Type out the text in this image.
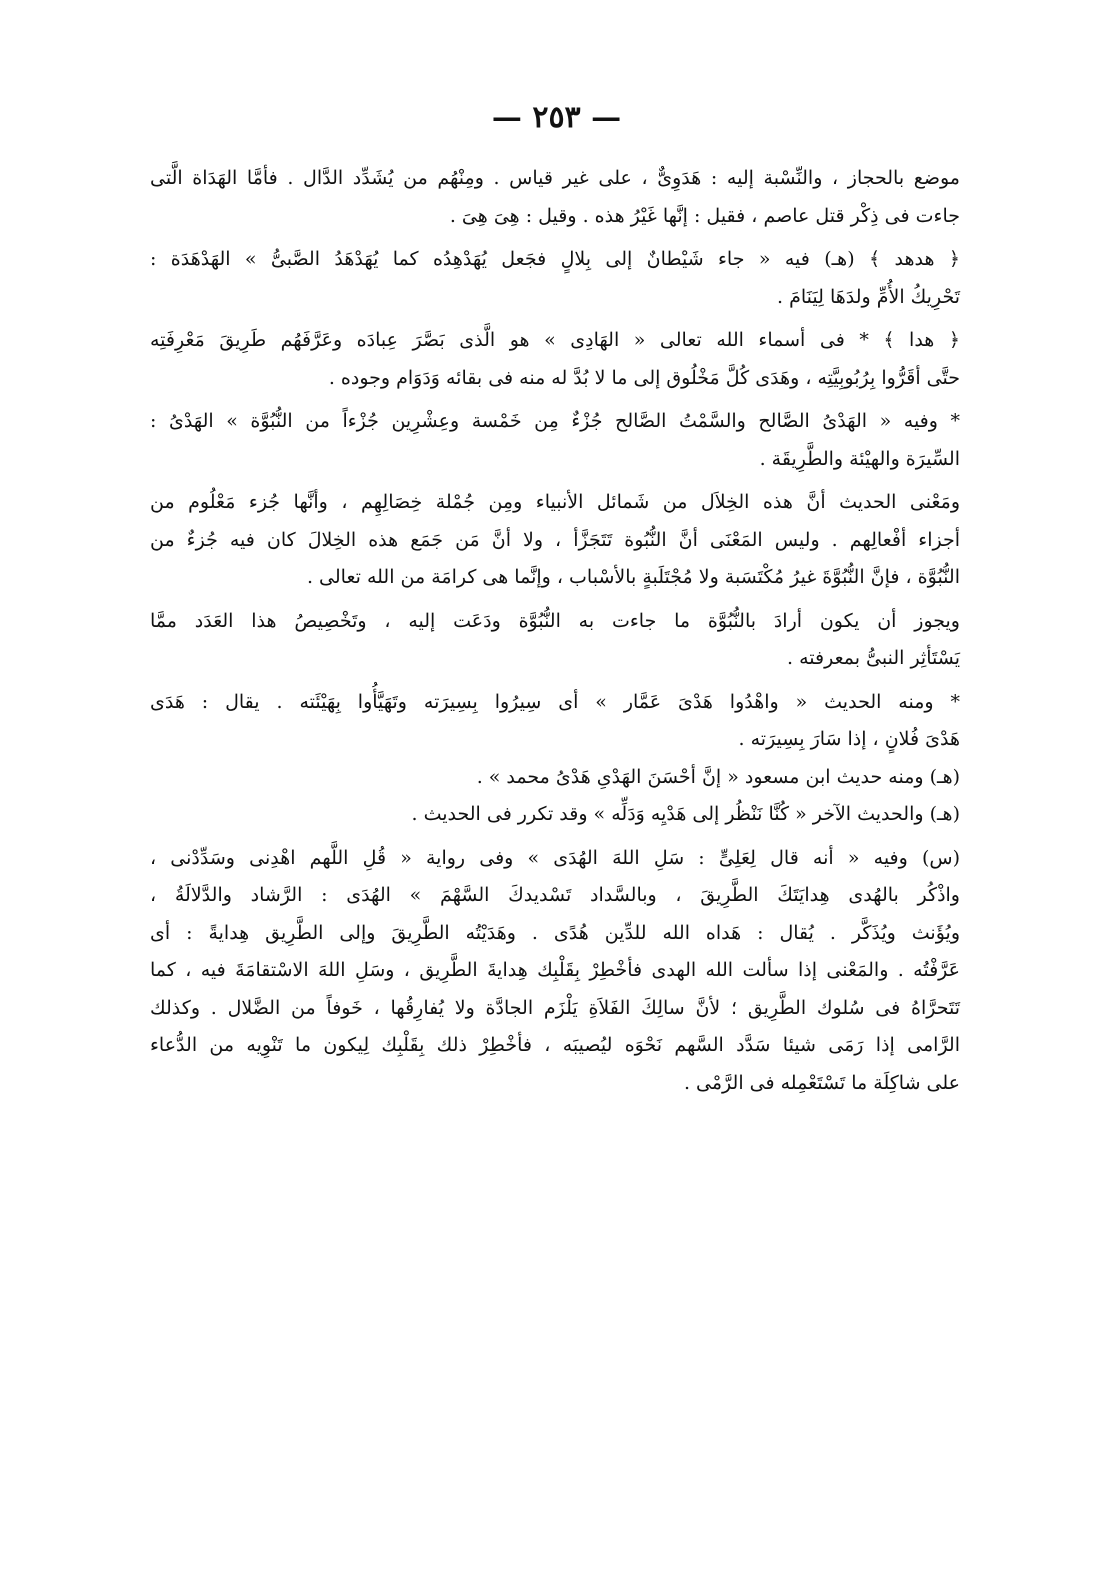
— ٢٥٣ —
موضع بالحجاز ، والنِّسْبة إليه : هَدَوِىٌّ ، على غير قياس . ومِنْهُم من يُشَدِّد الدَّال . فأمَّا الهَدَاة الَّتى
جاءت فى ذِكْر قتل عاصم ، فقيل : إنَّها غَيْرُ هذه . وقيل : هِىَ هِىَ .
﴿ هدهد ﴾ (هـ) فيه « جاء شَيْطانٌ إلى بِلالٍ فجَعل يُهَدْهِدُه كما يُهَدْهَدُ الصَّبىُّ » الهَدْهَدَة :
تَحْرِيكُ الأُمِّ ولدَهَا لِيَنَامَ .
﴿ هدا ﴾ * فى أسماء الله تعالى « الهَادِى » هو الَّذى بَصَّرَ عِبادَه وعَرَّفَهُم طَرِيقَ مَعْرِفَتِه
حتَّى أقَرُّوا بِرُبُوبِيَّتِه ، وهَدَى كُلَّ مَخْلُوق إلى ما لا بُدَّ له منه فى بقائه وَدَوَام وجوده .
* وفيه « الهَدْىُ الصَّالح والسَّمْتُ الصَّالح جُزْءٌ مِن خَمْسة وعِشْرِين جُزْءاً من النُّبُوَّة » الهَدْىُ :
السِّيرَة والهيْئة والطَّرِيقَة .
ومَعْنى الحديث أنَّ هذه الخِلاَل من شَمائل الأنبياء ومِن جُمْلة خِصَالِهِم ، وأنَّها جُزء مَعْلُوم من
أجزاء أفْعالِهم . وليس المَعْنَى أنَّ النُّبُوة تَتَجَزَّأ ، ولا أنَّ مَن جَمَع هذه الخِلالَ كان فيه جُزءٌ من
النُّبُوَّة ، فإنَّ النُّبُوَّةَ غيرُ مُكْتَسَبة ولا مُجْتَلَبةٍ بالأسْباب ، وإنَّما هى كرامَة من الله تعالى .
ويجوز أن يكون أرادَ بالنُّبُوَّة ما جاءت به النُّبُوَّة ودَعَت إليه ، وتَخْصِيصُ هذا العَدَد ممَّا
يَسْتَأثِر النبىُّ بمعرفته .
* ومنه الحديث « واهْدُوا هَدْىَ عَمَّار » أى سِيرُوا بِسِيرَته وتَهَيَّأُوا بِهَيْئَته . يقال : هَدَى
هَدْىَ فُلانٍ ، إذا سَارَ بِسِيرَته .
(هـ) ومنه حديث ابن مسعود « إنَّ أحْسَنَ الهَدْىِ هَدْىُ محمد » .
(هـ) والحديث الآخر « كُنَّا نَنْظُر إلى هَدْيِه وَدَلِّه » وقد تكرر فى الحديث .
(س) وفيه « أنه قال لِعَلِىٍّ : سَلِ اللهَ الهُدَى » وفى رواية « قُلِ اللَّهم اهْدِنى وسَدِّدْنى ،
واذْكُر بالهُدى هِدايَتَكَ الطَّرِيقَ ، وبالسَّداد تَسْديدكَ السَّهْمَ » الهُدَى : الرَّشاد والدَّلالَةُ ،
ويُؤَنث ويُذَكَّر . يُقال : هَداه الله للدِّين هُدًى . وهَدَيْتُه الطَّرِيقَ وإلى الطَّرِيق هِدايةً : أى
عَرَّفْتُه . والمَعْنى إذا سألت الله الهدى فأخْطِرْ بِقَلْبِك هِدايةَ الطَّرِيق ، وسَلِ اللهَ الاسْتقامَةَ فيه ، كما
تَتَحرَّاهُ فى سُلوك الطَّرِيق ؛ لأنَّ سالِكَ الفَلاَةِ يَلْزَم الجادَّة ولا يُفارِقُها ، خَوفاً من الضَّلال . وكذلك
الرَّامى إذا رَمَى شيئا سَدَّد السَّهم نَحْوَه ليُصيبَه ، فأخْطِرْ ذلك بِقَلْبِك لِيكون ما تَنْوِيه من الدُّعاء
على شاكِلَة ما تَسْتَعْمِله فى الرَّمْى .
